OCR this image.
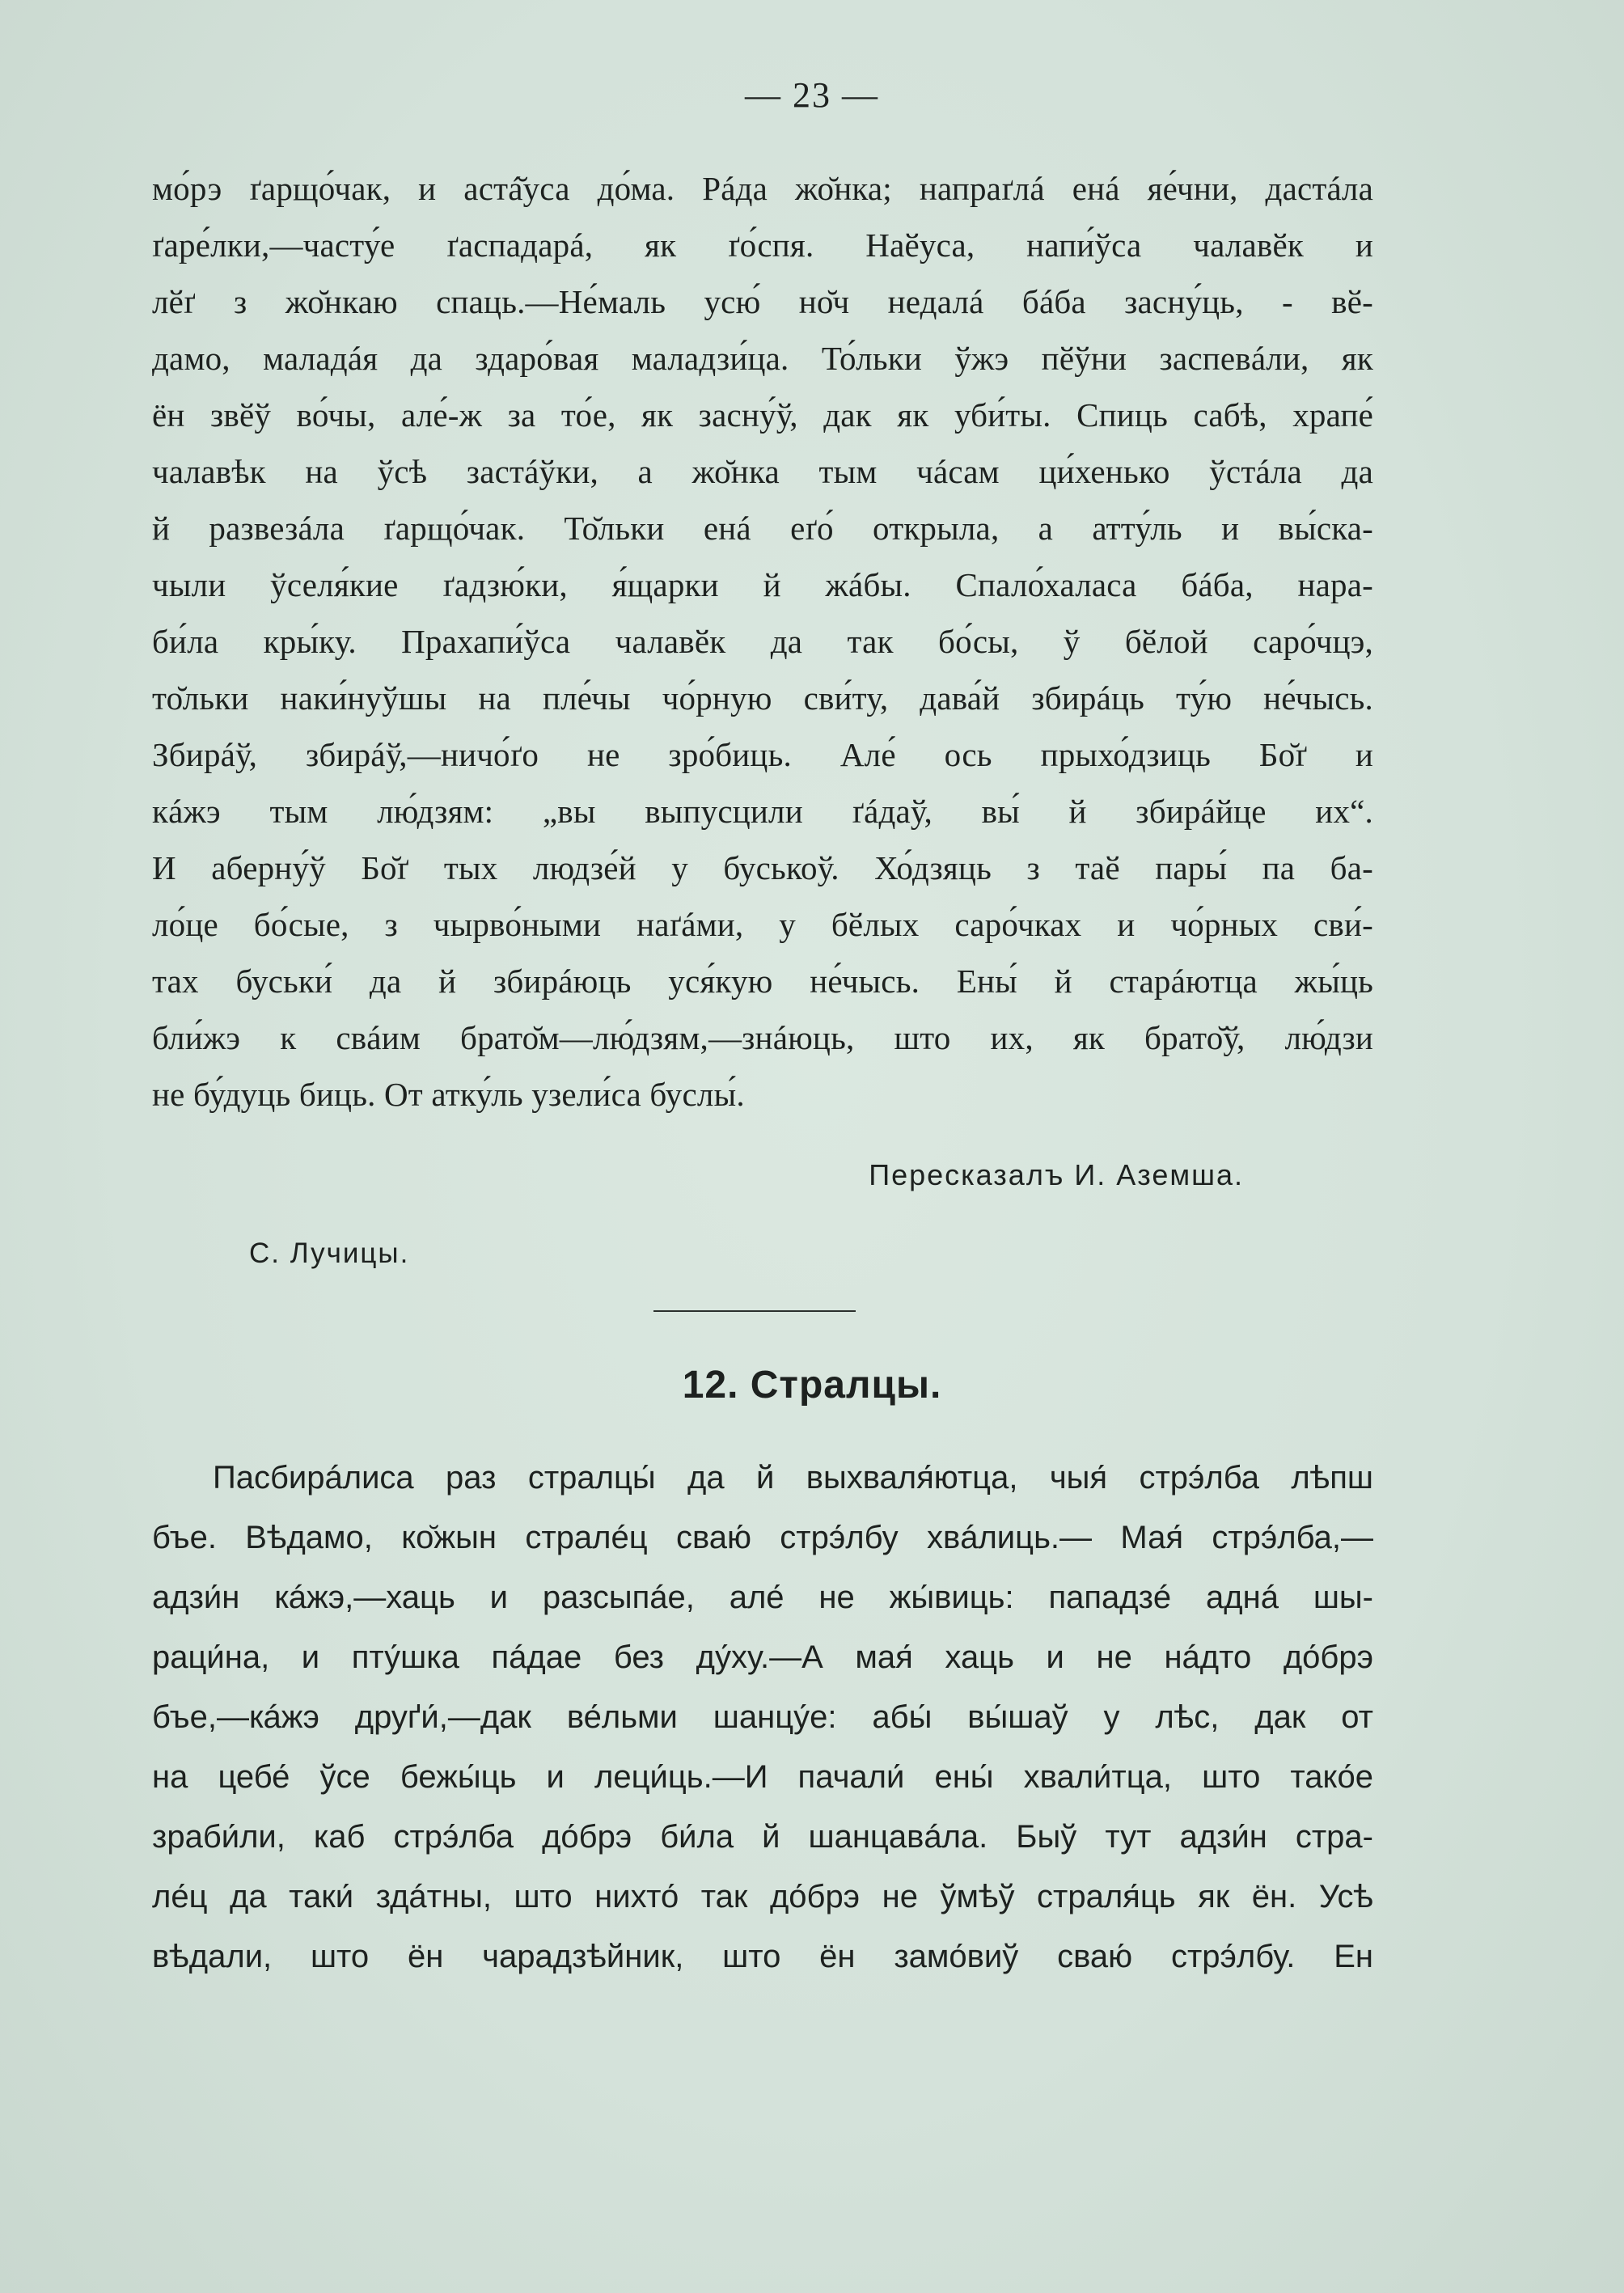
— 23 —
мо́рэ ґарщо́чак, и астá̆уса до́ма. Рáда жо̆нка; напраґлá енá яе́чни, дастáла
ґаре́лки,—часту́е ґаспадарá, як ґо́спя. Наӗуса, напи́ўса чалавӗк и
лӗґ з жо̆нкаю спаць.—Не́маль усю́ но̆ч недалá бáба засну́ць, - вӗ-
дамо, маладáя да здаро́вая маладзи́ца. То́льки ўжэ пӗўни заспевáли, як
ён звӗў во́чы, але́-ж за то́е, як засну́ў, дак як уби́ты. Спиць сабѣ, храпе́
чалавѣк на ўсѣ застáўки, а жо̆нка тым чáсам ци́хенько ўстáла да
й развезáла ґарщо́чак. То̆льки енá еґо́ открыла, а атту́ль и вы́ска-
чыли ўселя́кие ґадзю́ки, я́щарки й жáбы. Спало́халаса бáба, нара-
би́ла кры́ку. Прахапи́ўса чалавӗк да так бо́сы, ў бӗлой саро́чцэ,
то̆льки наки́нуўшы на пле́чы чо́рную сви́ту, дава́й збирáць ту́ю не́чысь.
Збирáў, збирáў,—ничо́ґо не зро́биць. Але́ ось прыхо́дзиць Бо̆ґ и
кáжэ тым лю́дзям: „вы выпусцили ґáдаў, вы́ й збирáйце их“.
И аберну́ў Бо̆ґ тых людзе́й у буськоў. Хо́дзяць з таӗ пары́ па ба-
ло́це бо́сые, з чырво́ными наґáми, у бӗлых саро́чках и чо́рных сви́-
тах буськи́ да й збирáюць уся́кую не́чысь. Ены́ й старáютца жы́ць
бли́жэ к свáим брато̆м—лю́дзям,—знáюць, што их, як брато̆ў, лю́дзи
не бу́дуць биць. От атку́ль узели́са буслы́.
Пересказалъ И. Аземша.
С. Лучицы.
12. Стралцы.
Пасбирáлиса раз стралцы́ да й выхваля́ютца, чыя́ стрэ́лба лѣпш
бъе. Вѣдамо, ко̆жын стралéц сваю́ стрэ́лбу хвáлиць.— Мая́ стрэ́лба,—
адзи́н кáжэ,—хаць и разсыпáе, але́ не жы́виць: пападзé аднá шы-
раци́на, и пту́шка пáдае без ду́ху.—А мая́ хаць и не нáдто до́брэ
бъе,—кáжэ друґи́,—дак ве́льми шанцу́е: абы́ вы́шаў у лѣс, дак от
на цебе́ ўсе бежы́ць и леци́ць.—И пачали́ ены́ хвали́тца, што тако́е
зраби́ли, каб стрэ́лба до́брэ би́ла й шанцавáла. Быў тут адзи́н стра-
ле́ц да таки́ здáтны, што нихто́ так до́брэ не ўмѣў страля́ць як ён. Усѣ
вѣдали, што ён чарадзѣйник, што ён замо́виў сваю́ стрэ́лбу. Ен
